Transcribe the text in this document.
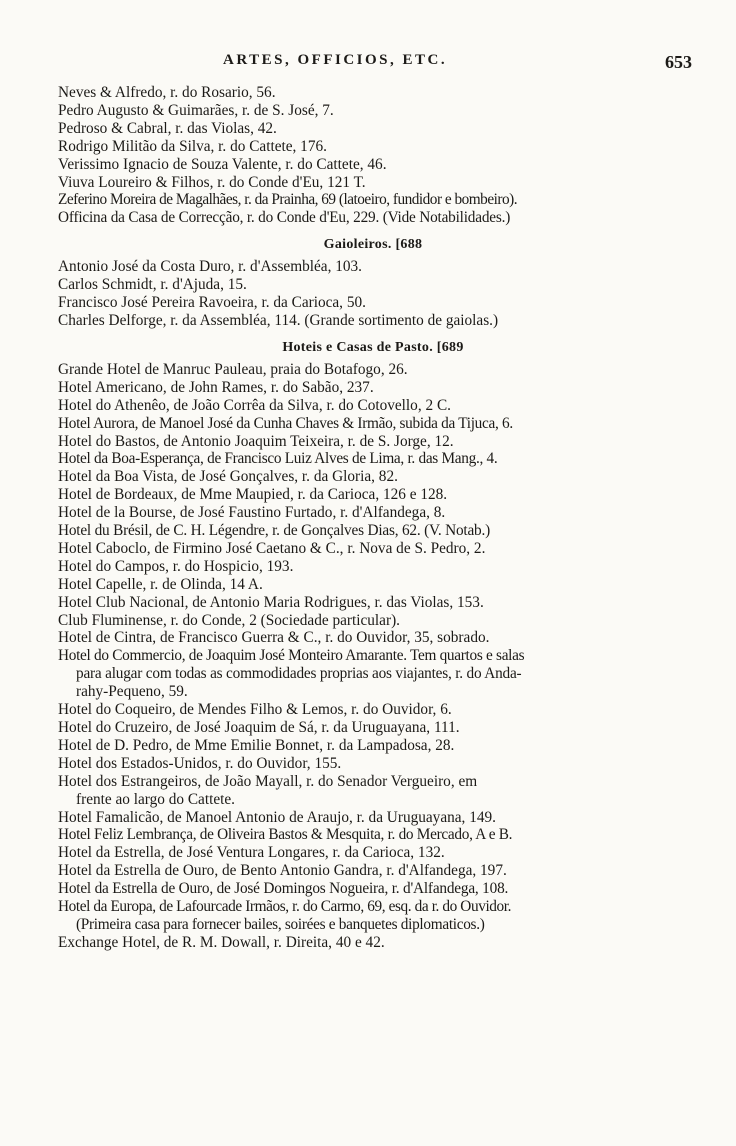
ARTES, OFFICIOS, ETC.	653
Neves & Alfredo, r. do Rosario, 56.
Pedro Augusto & Guimarães, r. de S. José, 7.
Pedroso & Cabral, r. das Violas, 42.
Rodrigo Militão da Silva, r. do Cattete, 176.
Verissimo Ignacio de Souza Valente, r. do Cattete, 46.
Viuva Loureiro & Filhos, r. do Conde d'Eu, 121 T.
Zeferino Moreira de Magalhães, r. da Prainha, 69 (latoeiro, fundidor e bombeiro).
Officina da Casa de Correcção, r. do Conde d'Eu, 229. (Vide Notabilidades.)
Gaioleiros. [688
Antonio José da Costa Duro, r. d'Assembléa, 103.
Carlos Schmidt, r. d'Ajuda, 15.
Francisco José Pereira Ravoeira, r. da Carioca, 50.
Charles Delforge, r. da Assembléa, 114. (Grande sortimento de gaiolas.)
Hoteis e Casas de Pasto. [689
Grande Hotel de Manruc Pauleau, praia do Botafogo, 26.
Hotel Americano, de John Rames, r. do Sabão, 237.
Hotel do Athenêo, de João Corrêa da Silva, r. do Cotovello, 2 C.
Hotel Aurora, de Manoel José da Cunha Chaves & Irmão, subida da Tijuca, 6.
Hotel do Bastos, de Antonio Joaquim Teixeira, r. de S. Jorge, 12.
Hotel da Boa-Esperança, de Francisco Luiz Alves de Lima, r. das Mang., 4.
Hotel da Boa Vista, de José Gonçalves, r. da Gloria, 82.
Hotel de Bordeaux, de Mme Maupied, r. da Carioca, 126 e 128.
Hotel de la Bourse, de José Faustino Furtado, r. d'Alfandega, 8.
Hotel du Brésil, de C. H. Légendre, r. de Gonçalves Dias, 62. (V. Notab.)
Hotel Caboclo, de Firmino José Caetano & C., r. Nova de S. Pedro, 2.
Hotel do Campos, r. do Hospicio, 193.
Hotel Capelle, r. de Olinda, 14 A.
Hotel Club Nacional, de Antonio Maria Rodrigues, r. das Violas, 153.
Club Fluminense, r. do Conde, 2 (Sociedade particular).
Hotel de Cintra, de Francisco Guerra & C., r. do Ouvidor, 35, sobrado.
Hotel do Commercio, de Joaquim José Monteiro Amarante. Tem quartos e salas
para alugar com todas as commodidades proprias aos viajantes, r. do Anda-
rahy-Pequeno, 59.
Hotel do Coqueiro, de Mendes Filho & Lemos, r. do Ouvidor, 6.
Hotel do Cruzeiro, de José Joaquim de Sá, r. da Uruguayana, 111.
Hotel de D. Pedro, de Mme Emilie Bonnet, r. da Lampadosa, 28.
Hotel dos Estados-Unidos, r. do Ouvidor, 155.
Hotel dos Estrangeiros, de João Mayall, r. do Senador Vergueiro, em
frente ao largo do Cattete.
Hotel Famalicão, de Manoel Antonio de Araujo, r. da Uruguayana, 149.
Hotel Feliz Lembrança, de Oliveira Bastos & Mesquita, r. do Mercado, A e B.
Hotel da Estrella, de José Ventura Longares, r. da Carioca, 132.
Hotel da Estrella de Ouro, de Bento Antonio Gandra, r. d'Alfandega, 197.
Hotel da Estrella de Ouro, de José Domingos Nogueira, r. d'Alfandega, 108.
Hotel da Europa, de Lafourcade Irmãos, r. do Carmo, 69, esq. da r. do Ouvidor.
(Primeira casa para fornecer bailes, soirées e banquetes diplomaticos.)
Exchange Hotel, de R. M. Dowall, r. Direita, 40 e 42.
